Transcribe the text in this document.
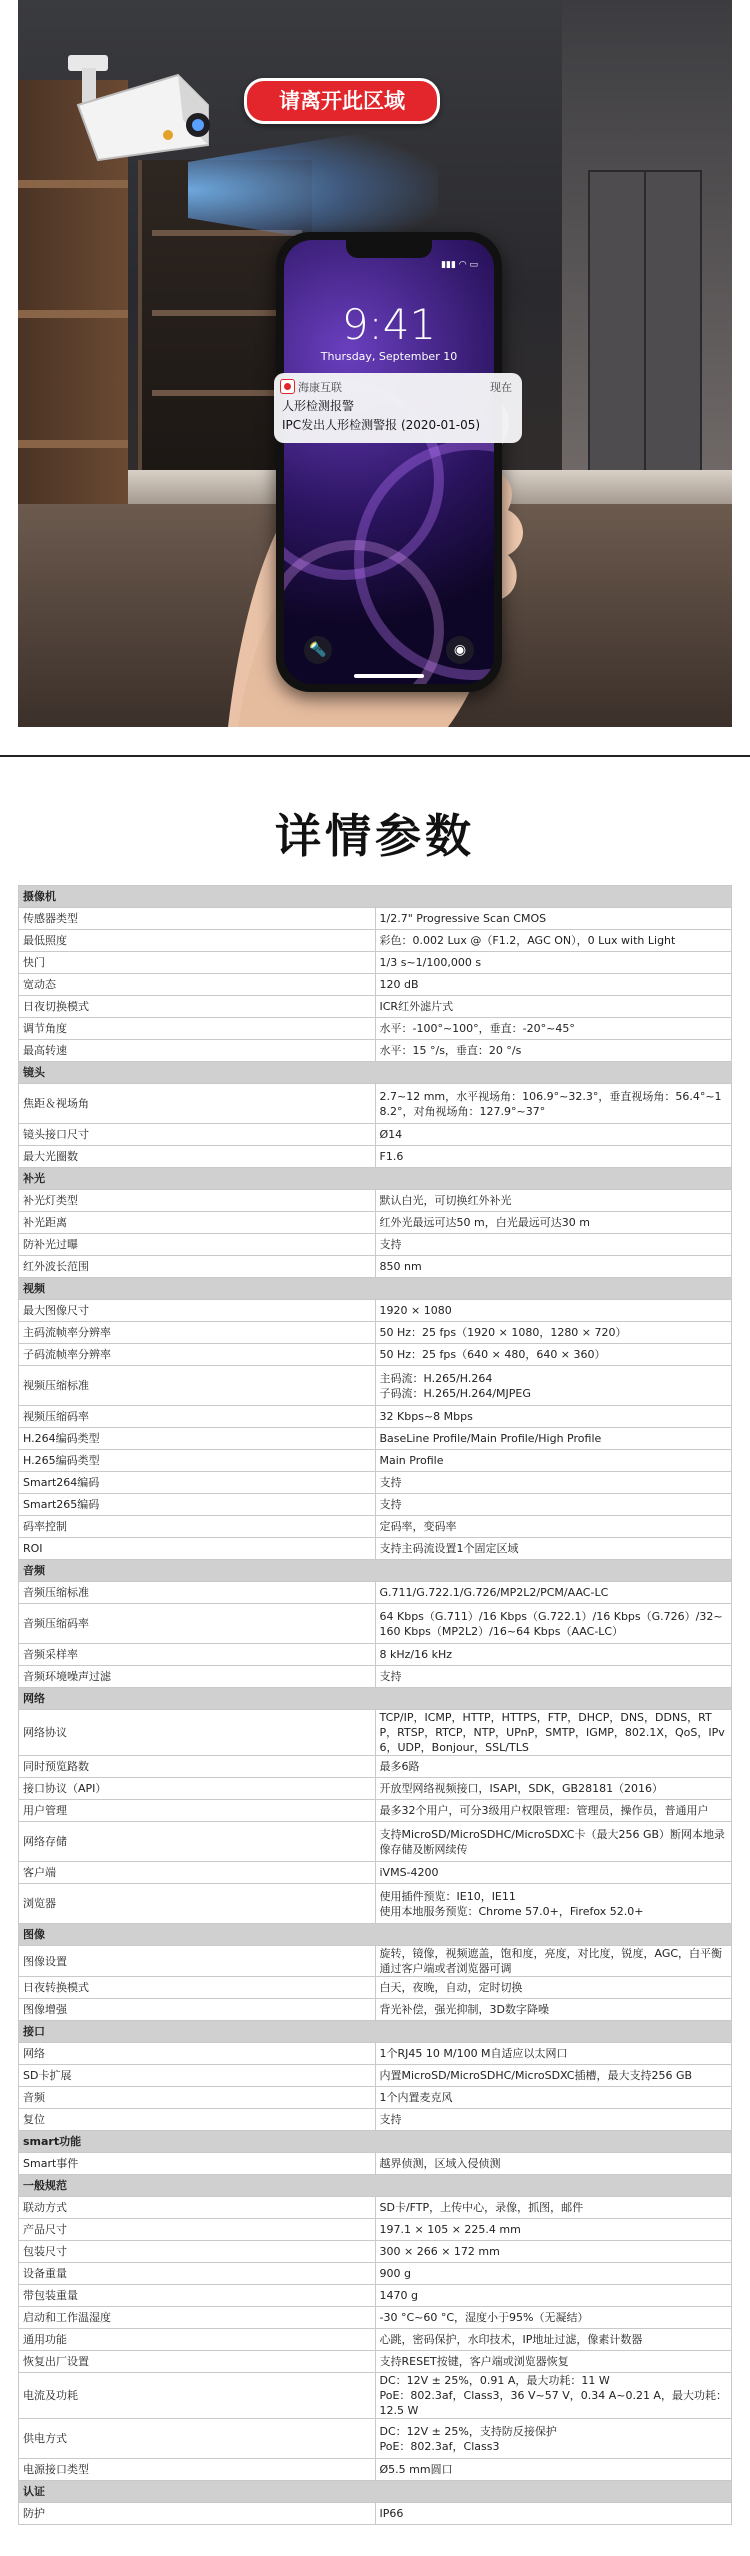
请离开此区域
▮▮▮ ◠ ▭
9:41
Thursday, September 10
🔦	◉
海康互联	现在
人形检测报警
IPC发出人形检测警报 (2020-01-05)
详情参数
摄像机	
传感器类型	1/2.7" Progressive Scan CMOS

最低照度	彩色：0.002 Lux @（F1.2，AGC ON），0 Lux with Light

快门	1/3 s~1/100,000 s

宽动态	120 dB

日夜切换模式	ICR红外滤片式

调节角度	水平：-100°~100°，垂直：-20°~45°

最高转速	水平：15 °/s，垂直：20 °/s

镜头	
焦距＆视场角	2.7~12 mm，水平视场角：106.9°~32.3°，垂直视场角：56.4°~18.2°，对角视场角：127.9°~37°

镜头接口尺寸	Ø14

最大光圈数	F1.6

补光	
补光灯类型	默认白光，可切换红外补光

补光距离	红外光最远可达50 m，白光最远可达30 m

防补光过曝	支持

红外波长范围	850 nm

视频	
最大图像尺寸	1920 × 1080

主码流帧率分辨率	50 Hz：25 fps（1920 × 1080，1280 × 720）

子码流帧率分辨率	50 Hz：25 fps（640 × 480，640 × 360）

视频压缩标准	主码流：H.265/H.264
子码流：H.265/H.264/MJPEG

视频压缩码率	32 Kbps~8 Mbps

H.264编码类型	BaseLine Profile/Main Profile/High Profile

H.265编码类型	Main Profile

Smart264编码	支持

Smart265编码	支持

码率控制	定码率，变码率

ROI	支持主码流设置1个固定区域

音频	
音频压缩标准	G.711/G.722.1/G.726/MP2L2/PCM/AAC-LC

音频压缩码率	64 Kbps（G.711）/16 Kbps（G.722.1）/16 Kbps（G.726）/32~160 Kbps（MP2L2）/16~64 Kbps（AAC-LC）

音频采样率	8 kHz/16 kHz

音频环境噪声过滤	支持

网络	
网络协议	TCP/IP，ICMP，HTTP，HTTPS，FTP，DHCP，DNS，DDNS，RTP，RTSP，RTCP，NTP，UPnP，SMTP，IGMP，802.1X，QoS，IPv6，UDP，Bonjour，SSL/TLS

同时预览路数	最多6路

接口协议（API）	开放型网络视频接口，ISAPI，SDK，GB28181（2016）

用户管理	最多32个用户，可分3级用户权限管理：管理员，操作员，普通用户

网络存储	支持MicroSD/MicroSDHC/MicroSDXC卡（最大256 GB）断网本地录像存储及断网续传

客户端	iVMS-4200

浏览器	使用插件预览：IE10，IE11
使用本地服务预览：Chrome 57.0+，Firefox 52.0+

图像	
图像设置	旋转，镜像，视频遮盖，饱和度，亮度，对比度，锐度，AGC，白平衡通过客户端或者浏览器可调

日夜转换模式	白天，夜晚，自动，定时切换

图像增强	背光补偿，强光抑制，3D数字降噪

接口	
网络	1个RJ45 10 M/100 M自适应以太网口

SD卡扩展	内置MicroSD/MicroSDHC/MicroSDXC插槽，最大支持256 GB

音频	1个内置麦克风

复位	支持

smart功能	
Smart事件	越界侦测，区域入侵侦测

一般规范	
联动方式	SD卡/FTP，上传中心，录像，抓图，邮件

产品尺寸	197.1 × 105 × 225.4 mm

包装尺寸	300 × 266 × 172 mm

设备重量	900 g

带包装重量	1470 g

启动和工作温湿度	-30 °C~60 °C，湿度小于95%（无凝结）

通用功能	心跳，密码保护，水印技术，IP地址过滤，像素计数器

恢复出厂设置	支持RESET按键，客户端或浏览器恢复

电流及功耗	DC：12V ± 25%，0.91 A，最大功耗：11 W
PoE：802.3af，Class3，36 V~57 V，0.34 A~0.21 A，最大功耗：12.5 W

供电方式	DC：12V ± 25%，支持防反接保护
PoE：802.3af，Class3

电源接口类型	Ø5.5 mm圆口

认证	
防护	IP66
